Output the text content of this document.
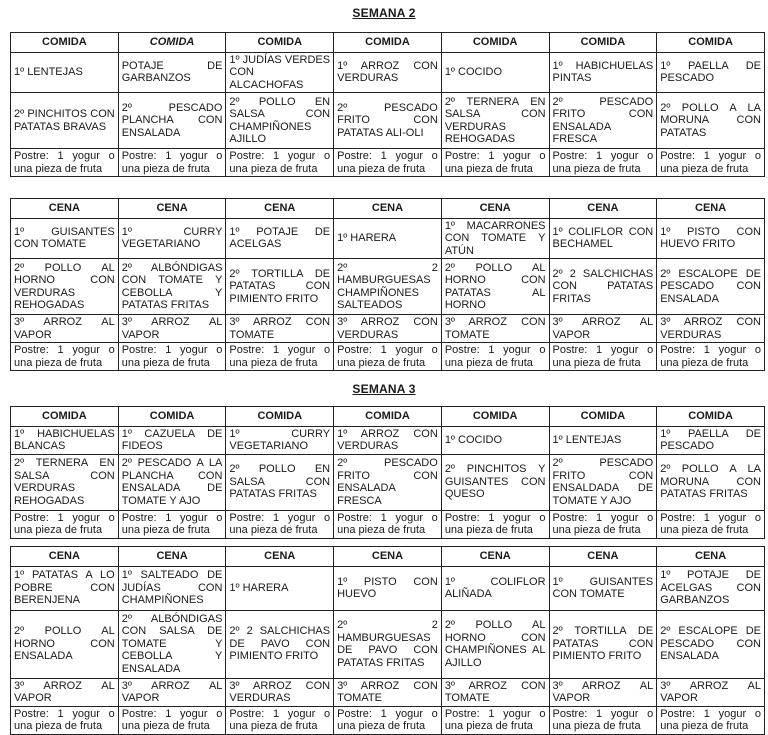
SEMANA 2
COMIDA	COMIDA	COMIDA	COMIDA	COMIDA	COMIDA	COMIDA
1º LENTEJAS	POTAJE DE GARBANZOS	1º JUDÍAS VERDES CON ALCACHOFAS	1º ARROZ CON VERDURAS	1º COCIDO	1º HABICHUELAS PINTAS	1º PAELLA DE PESCADO
2º PINCHITOS CON PATATAS BRAVAS	2º PESCADO PLANCHA CON ENSALADA	2º POLLO EN SALSA CON CHAMPIÑONES AJILLO	2º PESCADO FRITO CON PATATAS ALI-OLI	2º TERNERA EN SALSA CON VERDURAS REHOGADAS	2º PESCADO FRITO CON ENSALADA FRESCA	2º POLLO A LA MORUNA CON PATATAS
Postre: 1 yogur o una pieza de fruta	Postre: 1 yogur o una pieza de fruta	Postre: 1 yogur o una pieza de fruta	Postre: 1 yogur o una pieza de fruta	Postre: 1 yogur o una pieza de fruta	Postre: 1 yogur o una pieza de fruta	Postre: 1 yogur o una pieza de fruta
CENA	CENA	CENA	CENA	CENA	CENA	CENA
1º GUISANTES CON TOMATE	1º CURRY VEGETARIANO	1º POTAJE DE ACELGAS	1º HARERA	1º MACARRONES CON TOMATE Y ATÚN	1º COLIFLOR CON BECHAMEL	1º PISTO CON HUEVO FRITO
2º POLLO AL HORNO CON VERDURAS REHOGADAS	2º ALBÓNDIGAS CON TOMATE Y CEBOLLA Y PATATAS FRITAS	2º TORTILLA DE PATATAS CON PIMIENTO FRITO	2º 2 HAMBURGUESAS CHAMPIÑONES SALTEADOS	2º POLLO AL HORNO CON PATATAS AL HORNO	2º 2 SALCHICHAS CON PATATAS FRITAS	2º ESCALOPE DE PESCADO CON ENSALADA
3º ARROZ AL VAPOR	3º ARROZ AL VAPOR	3º ARROZ CON TOMATE	3º ARROZ CON VERDURAS	3º ARROZ CON TOMATE	3º ARROZ AL VAPOR	3º ARROZ CON VERDURAS
Postre: 1 yogur o una pieza de fruta	Postre: 1 yogur o una pieza de fruta	Postre: 1 yogur o una pieza de fruta	Postre: 1 yogur o una pieza de fruta	Postre: 1 yogur o una pieza de fruta	Postre: 1 yogur o una pieza de fruta	Postre: 1 yogur o una pieza de fruta
SEMANA 3
COMIDA	COMIDA	COMIDA	COMIDA	COMIDA	COMIDA	COMIDA
1º HABICHUELAS BLANCAS	1º CAZUELA DE FIDEOS	1º CURRY VEGETARIANO	1º ARROZ CON VERDURAS	1º COCIDO	1º LENTEJAS	1º PAELLA DE PESCADO
2º TERNERA EN SALSA CON VERDURAS REHOGADAS	2º PESCADO A LA PLANCHA CON ENSALADA DE TOMATE Y AJO	2º POLLO EN SALSA CON PATATAS FRITAS	2º PESCADO FRITO CON ENSALADA FRESCA	2º PINCHITOS Y GUISANTES CON QUESO	2º PESCADO FRITO CON ENSALDADA DE TOMATE Y AJO	2º POLLO A LA MORUNA CON PATATAS FRITAS
Postre: 1 yogur o una pieza de fruta	Postre: 1 yogur o una pieza de fruta	Postre: 1 yogur o una pieza de fruta	Postre: 1 yogur o una pieza de fruta	Postre: 1 yogur o una pieza de fruta	Postre: 1 yogur o una pieza de fruta	Postre: 1 yogur o una pieza de fruta
CENA	CENA	CENA	CENA	CENA	CENA	CENA
1º PATATAS A LO POBRE CON BERENJENA	1º SALTEADO DE JUDÍAS CON CHAMPIÑONES	1º HARERA	1º PISTO CON HUEVO	1º COLIFLOR ALIÑADA	1º GUISANTES CON TOMATE	1º POTAJE DE ACELGAS CON GARBANZOS
2º POLLO AL HORNO CON ENSALADA	2º ALBÓNDIGAS CON SALSA DE TOMATE Y CEBOLLA Y ENSALADA	2º 2 SALCHICHAS DE PAVO CON PIMIENTO FRITO	2º 2 HAMBURGUESAS DE PAVO CON PATATAS FRITAS	2º POLLO AL HORNO CON CHAMPIÑONES AL AJILLO	2º TORTILLA DE PATATAS CON PIMIENTO FRITO	2º ESCALOPE DE PESCADO CON ENSALADA
3º ARROZ AL VAPOR	3º ARROZ AL VAPOR	3º ARROZ CON VERDURAS	3º ARROZ CON TOMATE	3º ARROZ CON TOMATE	3º ARROZ AL VAPOR	3º ARROZ AL VAPOR
Postre: 1 yogur o una pieza de fruta	Postre: 1 yogur o una pieza de fruta	Postre: 1 yogur o una pieza de fruta	Postre: 1 yogur o una pieza de fruta	Postre: 1 yogur o una pieza de fruta	Postre: 1 yogur o una pieza de fruta	Postre: 1 yogur o una pieza de fruta
